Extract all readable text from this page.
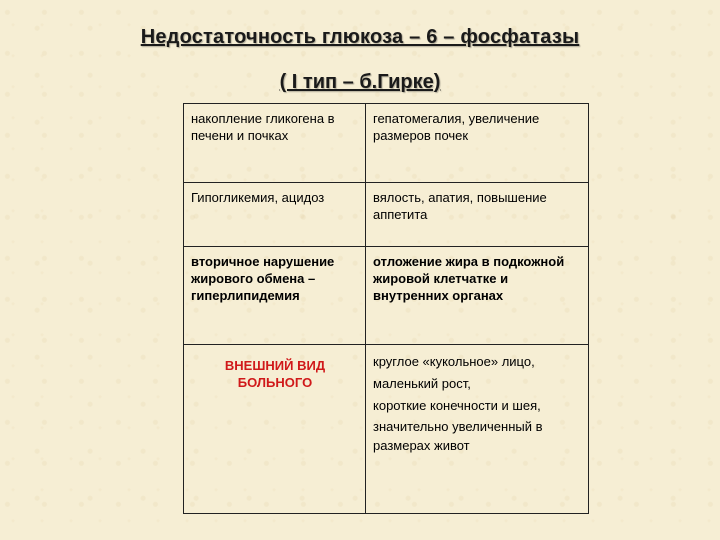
Недостаточность глюкоза – 6 – фосфатазы
( I тип – б.Гирке)
накопление гликогена в печени и почках	гепатомегалия, увеличение размеров почек
Гипогликемия, ацидоз	вялость, апатия, повышение аппетита
вторичное нарушение жирового обмена – гиперлипидемия	отложение жира в подкожной жировой клетчатке и внутренних органах

ВНЕШНИЙ ВИД БОЛЬНОГО	круглое «кукольное» лицо,
маленький рост,
короткие конечности и шея,
значительно увеличенный в размерах живот
